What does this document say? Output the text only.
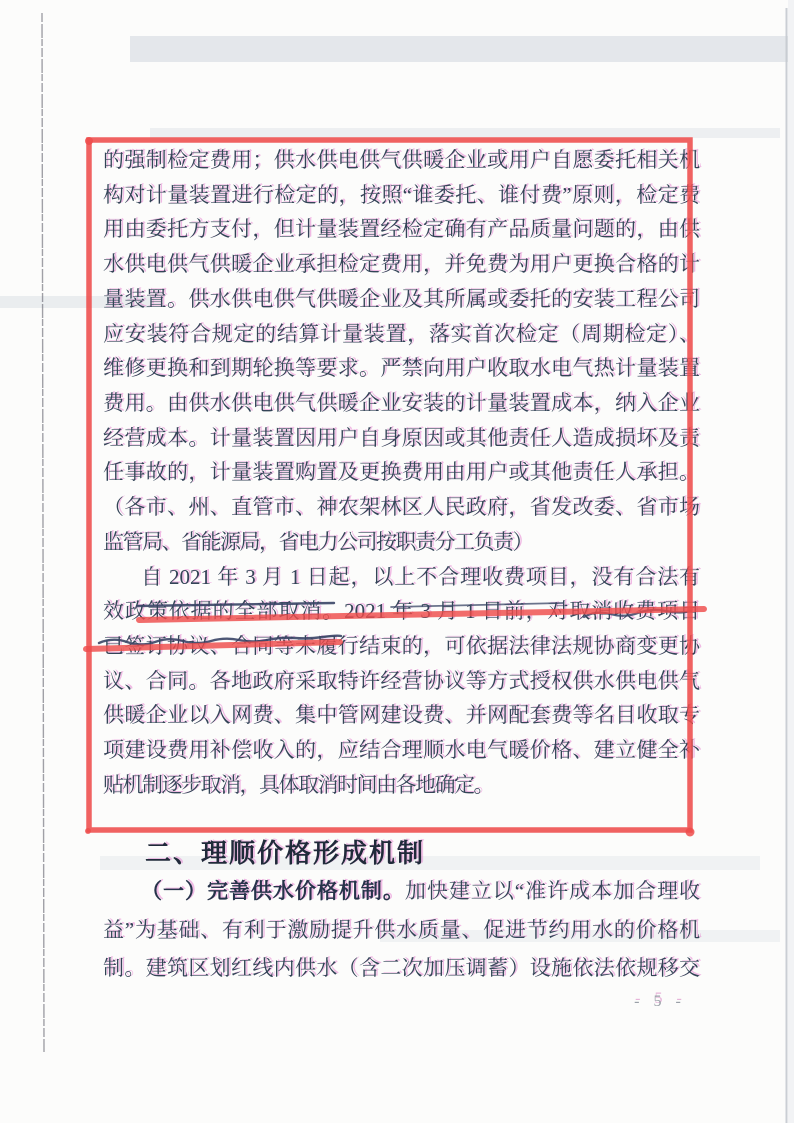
的强制检定费用；供水供电供气供暖企业或用户自愿委托相关机
构对计量装置进行检定的，按照“谁委托、谁付费”原则，检定费
用由委托方支付，但计量装置经检定确有产品质量问题的，由供
水供电供气供暖企业承担检定费用，并免费为用户更换合格的计
量装置。供水供电供气供暖企业及其所属或委托的安装工程公司
应安装符合规定的结算计量装置，落实首次检定（周期检定）、
维修更换和到期轮换等要求。严禁向用户收取水电气热计量装置
费用。由供水供电供气供暖企业安装的计量装置成本，纳入企业
经营成本。计量装置因用户自身原因或其他责任人造成损坏及责
任事故的，计量装置购置及更换费用由用户或其他责任人承担。
（各市、州、直管市、神农架林区人民政府，省发改委、省市场
监管局、省能源局，省电力公司按职责分工负责）
自 2021 年 3 月 1 日起，以上不合理收费项目，没有合法有
效政策依据的全部取消。2021 年 3 月 1 日前，对取消收费项目
已签订协议、合同等未履行结束的，可依据法律法规协商变更协
议、合同。各地政府采取特许经营协议等方式授权供水供电供气
供暖企业以入网费、集中管网建设费、并网配套费等名目收取专
项建设费用补偿收入的，应结合理顺水电气暖价格、建立健全补
贴机制逐步取消，具体取消时间由各地确定。
二、理顺价格形成机制
（一）完善供水价格机制。加快建立以“准许成本加合理收
益”为基础、有利于激励提升供水质量、促进节约用水的价格机
制。建筑区划红线内供水（含二次加压调蓄）设施依法依规移交
- 5 -
